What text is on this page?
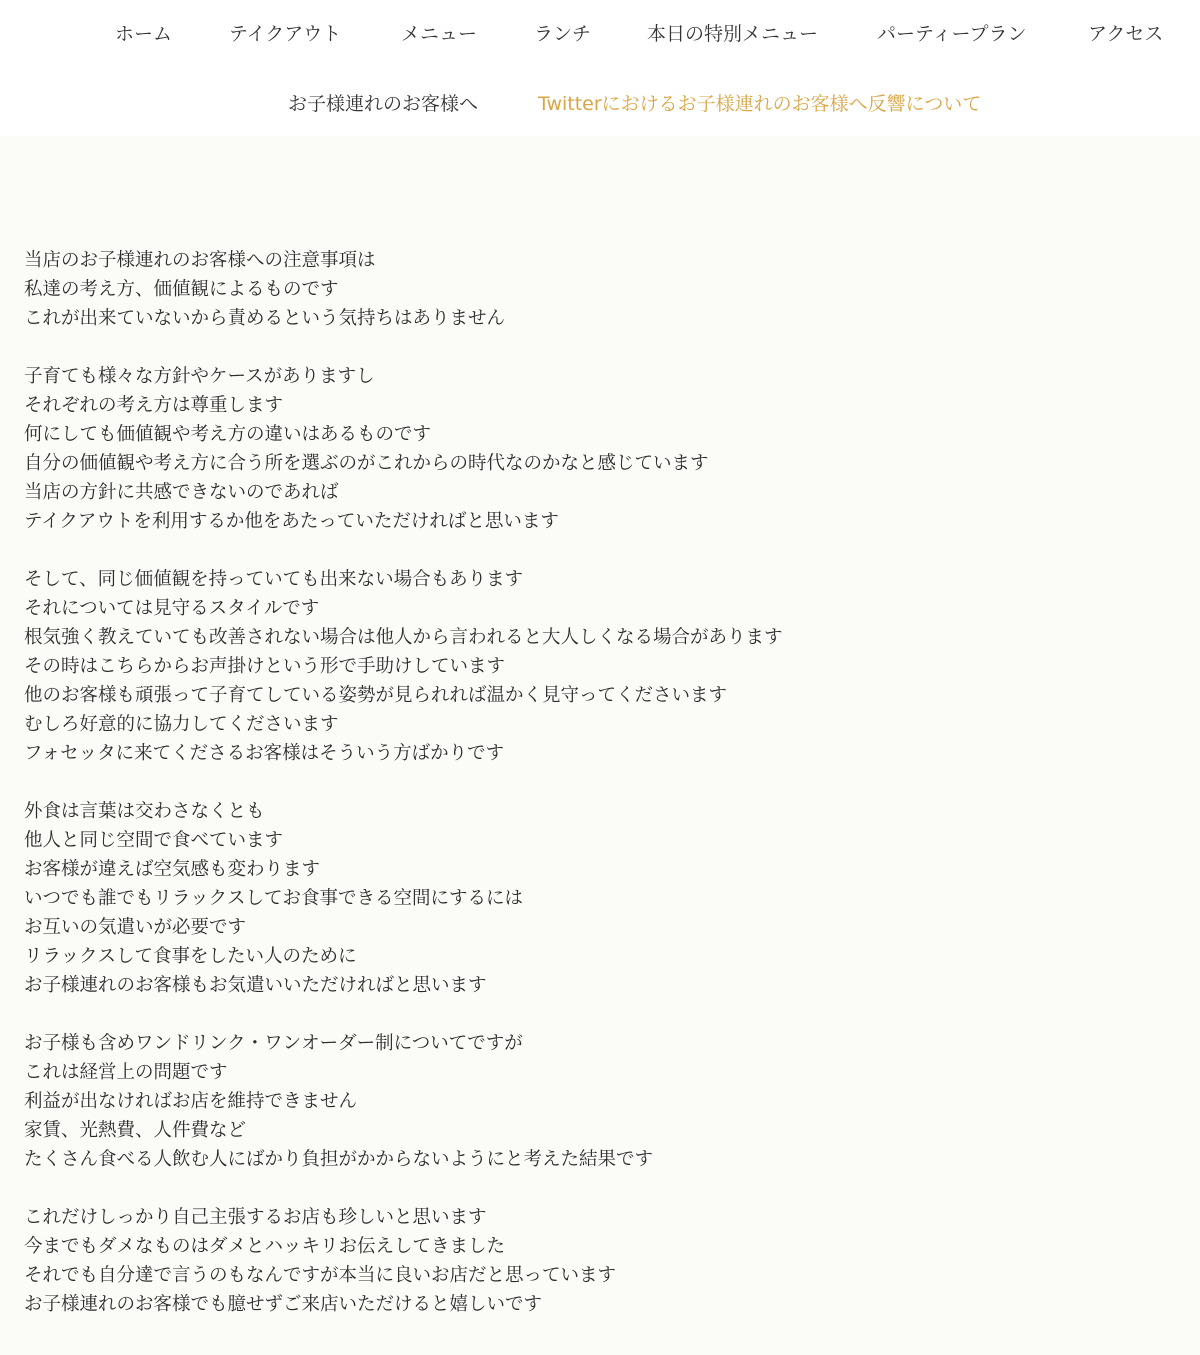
ホーム	テイクアウト	メニュー	ランチ	本日の特別メニュー	パーティープラン	アクセス
お子様連れのお客様へ	Twitterにおけるお子様連れのお客様へ反響について
当店のお子様連れのお客様への注意事項は
私達の考え方、価値観によるものです
これが出来ていないから責めるという気持ちはありません
子育ても様々な方針やケースがありますし
それぞれの考え方は尊重します
何にしても価値観や考え方の違いはあるものです
自分の価値観や考え方に合う所を選ぶのがこれからの時代なのかなと感じています
当店の方針に共感できないのであれば
テイクアウトを利用するか他をあたっていただければと思います
そして、同じ価値観を持っていても出来ない場合もあります
それについては見守るスタイルです
根気強く教えていても改善されない場合は他人から言われると大人しくなる場合があります
その時はこちらからお声掛けという形で手助けしています
他のお客様も頑張って子育てしている姿勢が見られれば温かく見守ってくださいます
むしろ好意的に協力してくださいます
フォセッタに来てくださるお客様はそういう方ばかりです
外食は言葉は交わさなくとも
他人と同じ空間で食べています
お客様が違えば空気感も変わります
いつでも誰でもリラックスしてお食事できる空間にするには
お互いの気遣いが必要です
リラックスして食事をしたい人のために
お子様連れのお客様もお気遣いいただければと思います
お子様も含めワンドリンク・ワンオーダー制についてですが
これは経営上の問題です
利益が出なければお店を維持できません
家賃、光熱費、人件費など
たくさん食べる人飲む人にばかり負担がかからないようにと考えた結果です
これだけしっかり自己主張するお店も珍しいと思います
今までもダメなものはダメとハッキリお伝えしてきました
それでも自分達で言うのもなんですが本当に良いお店だと思っています
お子様連れのお客様でも臆せずご来店いただけると嬉しいです
